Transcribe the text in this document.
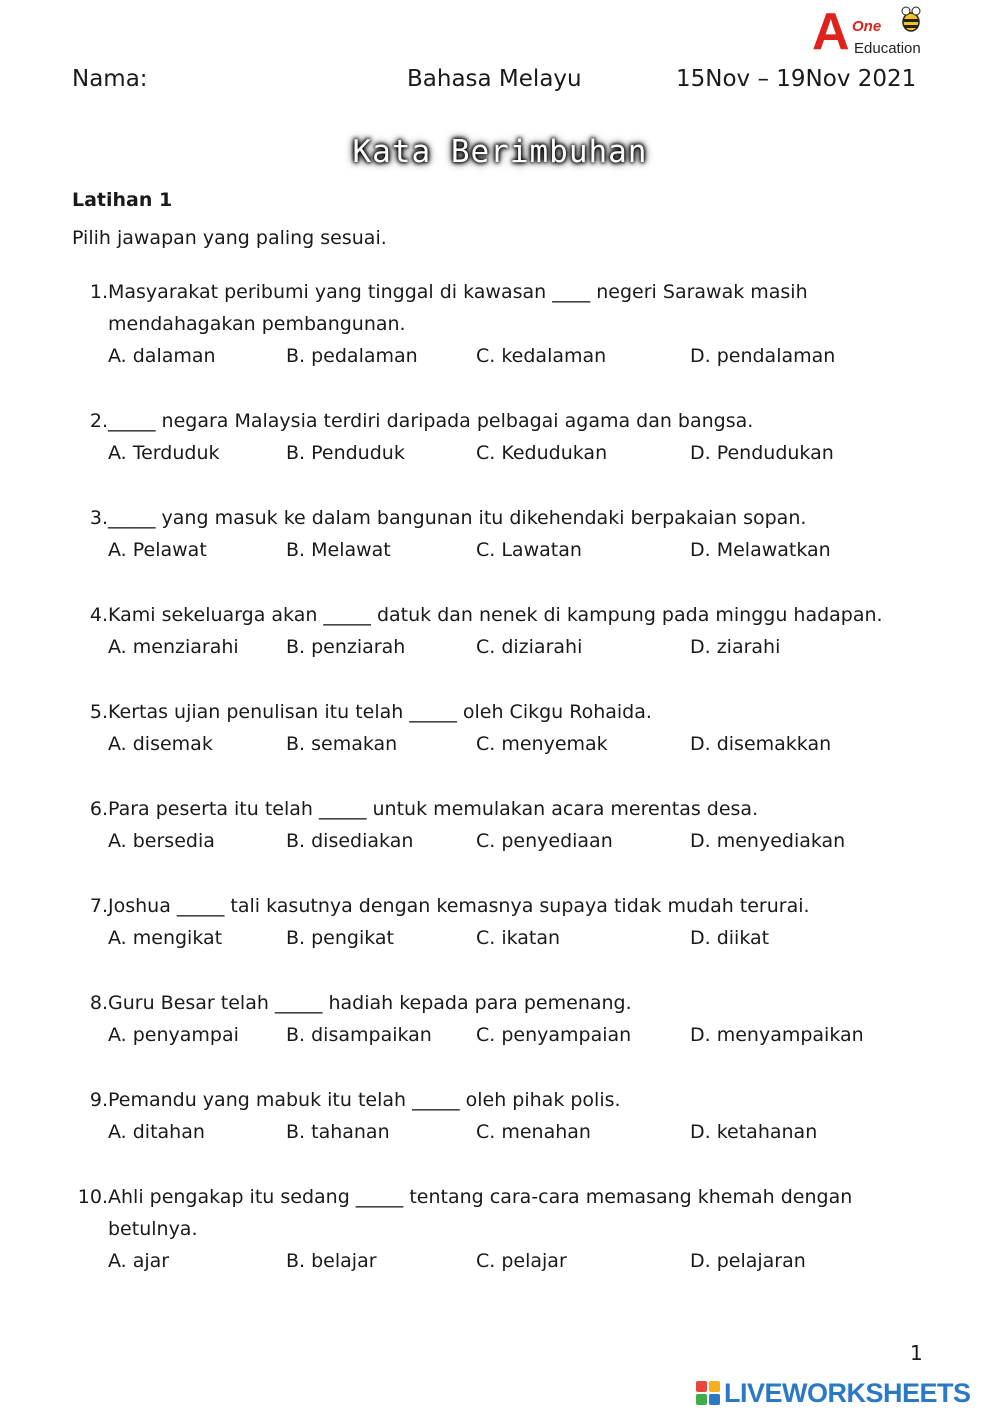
A One
Education
Nama:	Bahasa Melayu	15Nov – 19Nov 2021
Kata Berimbuhan
Latihan 1
Pilih jawapan yang paling sesuai.
1. Masyarakat peribumi yang tinggal di kawasan ____ negeri Sarawak masih mendahagakan pembangunan.
A. dalaman	B. pedalaman	C. kedalaman	D. pendalaman
2. _____ negara Malaysia terdiri daripada pelbagai agama dan bangsa.
A. Terduduk	B. Penduduk	C. Kedudukan	D. Pendudukan
3. _____ yang masuk ke dalam bangunan itu dikehendaki berpakaian sopan.
A. Pelawat	B. Melawat	C. Lawatan	D. Melawatkan
4. Kami sekeluarga akan _____ datuk dan nenek di kampung pada minggu hadapan.
A. menziarahi	B. penziarah	C. diziarahi	D. ziarahi
5. Kertas ujian penulisan itu telah _____ oleh Cikgu Rohaida.
A. disemak	B. semakan	C. menyemak	D. disemakkan
6. Para peserta itu telah _____ untuk memulakan acara merentas desa.
A. bersedia	B. disediakan	C. penyediaan	D. menyediakan
7. Joshua _____ tali kasutnya dengan kemasnya supaya tidak mudah terurai.
A. mengikat	B. pengikat	C. ikatan	D. diikat
8. Guru Besar telah _____ hadiah kepada para pemenang.
A. penyampai	B. disampaikan	C. penyampaian	D. menyampaikan
9. Pemandu yang mabuk itu telah _____ oleh pihak polis.
A. ditahan	B. tahanan	C. menahan	D. ketahanan
10. Ahli pengakap itu sedang _____ tentang cara-cara memasang khemah dengan betulnya.
A. ajar	B. belajar	C. pelajar	D. pelajaran
1
LIVEWORKSHEETS
